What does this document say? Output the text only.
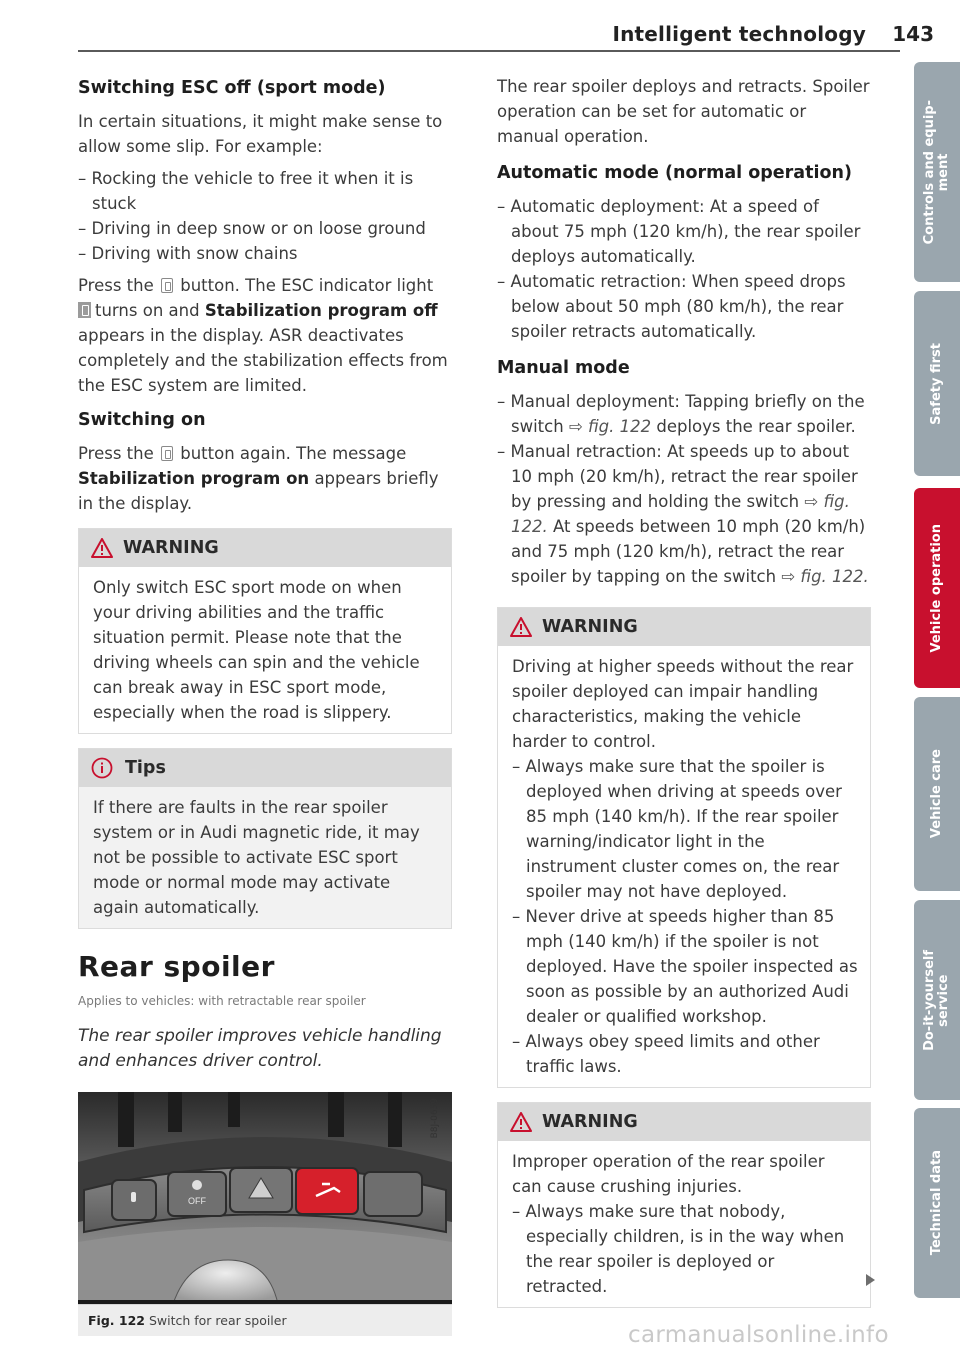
Intelligent technology 143
Switching ESC off (sport mode)

In certain situations, it might make sense to allow some slip. For example:

– Rocking the vehicle to free it when it is stuck
– Driving in deep snow or on loose ground
– Driving with snow chains

Press the button. The ESC indicator light turns on and Stabilization program off appears in the display. ASR deactivates completely and the stabilization effects from the ESC system are limited.

Switching on

Press the button again. The message Stabilization program on appears briefly in the display.

WARNING
Only switch ESC sport mode on when your driving abilities and the traffic situation permit. Please note that the driving wheels can spin and the vehicle can break away in ESC sport mode, especially when the road is slippery.
Tips
If there are faults in the rear spoiler system or in Audi magnetic ride, it may not be possible to activate ESC sport mode or normal mode may activate again automatically.
Rear spoiler
Applies to vehicles: with retractable rear spoiler
The rear spoiler improves vehicle handling and enhances driver control.
OFF
B8J-0639
Fig. 122 Switch for rear spoiler

The rear spoiler deploys and retracts. Spoiler operation can be set for automatic or manual operation.

Automatic mode (normal operation)
– Automatic deployment: At a speed of about 75 mph (120 km/h), the rear spoiler deploys automatically.
– Automatic retraction: When speed drops below about 50 mph (80 km/h), the rear spoiler retracts automatically.
Manual mode
– Manual deployment: Tapping briefly on the switch ⇨ fig. 122 deploys the rear spoiler.
– Manual retraction: At speeds up to about 10 mph (20 km/h), retract the rear spoiler by pressing and holding the switch ⇨ fig. 122. At speeds between 10 mph (20 km/h) and 75 mph (120 km/h), retract the rear spoiler by tapping on the switch ⇨ fig. 122.
WARNING
Driving at higher speeds without the rear spoiler deployed can impair handling characteristics, making the vehicle harder to control.
– Always make sure that the spoiler is deployed when driving at speeds over 85 mph (140 km/h). If the rear spoiler warning/indicator light in the instrument cluster comes on, the rear spoiler may not have deployed.
– Never drive at speeds higher than 85 mph (140 km/h) if the spoiler is not deployed. Have the spoiler inspected as soon as possible by an authorized Audi dealer or qualified workshop.
– Always obey speed limits and other traffic laws.
WARNING
Improper operation of the rear spoiler can cause crushing injuries.
– Always make sure that nobody, especially children, is in the way when the rear spoiler is deployed or retracted.
Controls and equip-
ment
Safety first
Vehicle operation
Vehicle care
Do-it-yourself
service
Technical data
carmanualsonline.info
